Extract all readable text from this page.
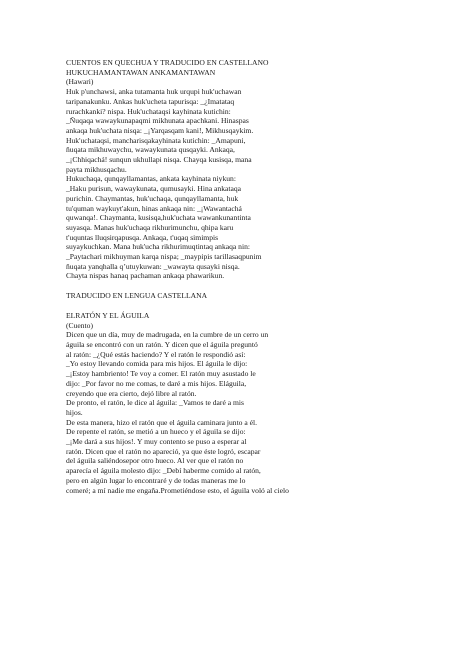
CUENTOS EN QUECHUA Y TRADUCIDO EN CASTELLANO
HUKUCHAMANTAWAN ANKAMANTAWAN
(Hawari)
Huk p'unchawsi, anka tutamanta huk urqupi huk'uchawan
taripanakunku. Ankas huk'ucheta tapurisqa: _¿Imatataq
rurachkanki? nispa. Huk'uchataqsi kayhinata kutichin:
_Ñuqaqa wawaykunapaqmi mikhunata apachkani. Hinaspas
ankaqa huk'uchata nisqa: _¡Yarqasqam kani!, Mikhusqaykim.
Huk'uchataqsi, mancharisqakayhinata kutichin: _Amapuni,
ñuqata mikhuwaychu, wawaykunata qusqayki. Ankaqa,
_¡Chhiqachá! sunqun ukhullapi nisqa. Chayqa kusisqa, mana
payta mikhusqachu.
Hukuchaqa, qunqayllamantas, ankata kayhinata niykun:
_Haku purisun, wawaykunata, qumusayki. Hina ankataqa
purichin. Chaymantas, huk'uchaqa, qunqayllamanta, huk
tu'quman waykuyt'akun, hinas ankaqa nin: _¡Wawantachá
quwanqa!. Chaymanta, kusisqa,huk'uchata wawankunantinta
suyasqa. Manas huk'uchaqa rikhurimunchu, qhipa karu
t'uquntas lluqsirqapusqa. Ankaqa, t'uqaq simimpis
suyaykuchkan. Mana huk'ucha rikhurimuqtintaq ankaqa nin:
_Paytachari mikhuyman karqa nispa; _maypipis tarillasaqpunim
ñuqata yanqhalla qʼutuykuwan: _wawayta qusayki nisqa.
Chayta nispas hanaq pachaman ankaqa phawarikun.
TRADUCIDO EN LENGUA CASTELLANA
ELRATÓN Y EL ÁGUILA
(Cuento)
Dicen que un día, muy de madrugada, en la cumbre de un cerro un
águila se encontró con un ratón. Y dicen que el águila preguntó
al ratón: _¿Qué estás haciendo? Y el ratón le respondió así:
_Yo estoy llevando comida para mis hijos. El águila le dijo:
_¡Estoy hambriento! Te voy a comer. El ratón muy asustado le
dijo: _Por favor no me comas, te daré a mis hijos. Eláguila,
creyendo que era cierto, dejó libre al ratón.
De pronto, el ratón, le dice al águila: _Vamos te daré a mis
hijos.
De esta manera, hizo el ratón que el águila caminara junto a él.
De repente el ratón, se metió a un hueco y el águila se dijo:
_¡Me dará a sus hijos!. Y muy contento se puso a esperar al
ratón. Dicen que el ratón no apareció, ya que éste logró, escapar
del águila saliéndosepor otro hueco. Al ver que el ratón no
aparecía el águila molesto dijo: _Debí haberme comido al ratón,
pero en algún lugar lo encontraré y de todas maneras me lo
comeré; a mí nadie me engaña.Prometiéndose esto, el águila voló al cielo
